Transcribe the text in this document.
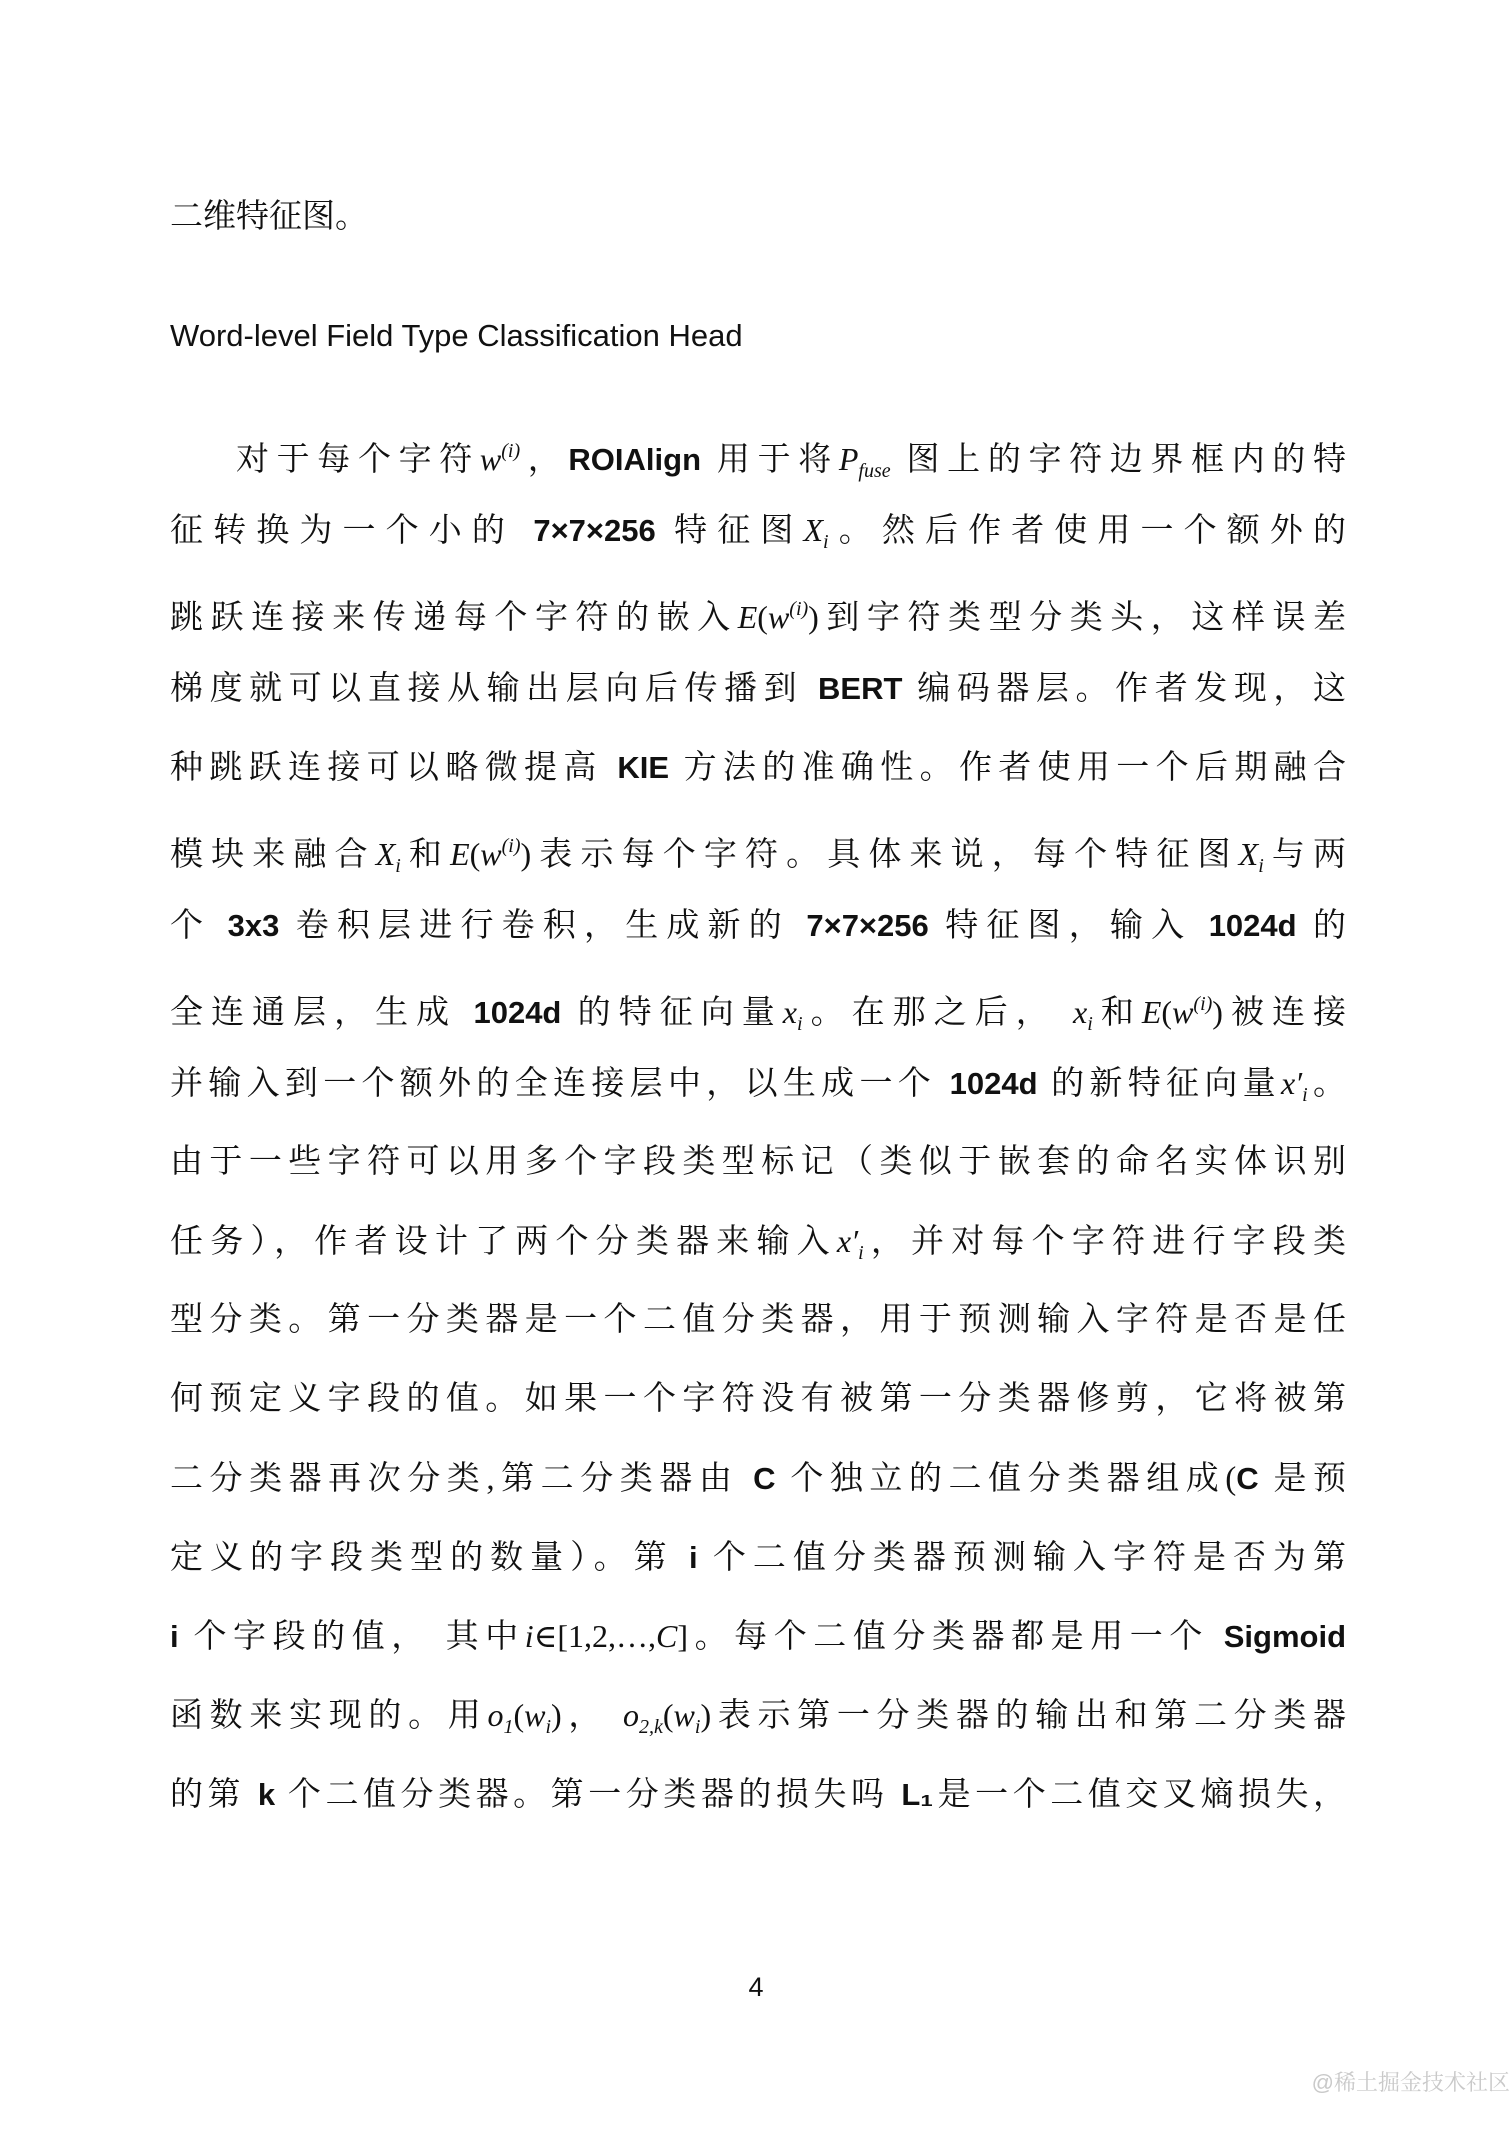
二维特征图。
Word-level Field Type Classification Head
对于每个字符$w^{(i)}$，ROIAlign 用于将$P_{fuse}$ 图上的字符边界框内的特
征转换为一个小的 7×7×256 特征图$X_i$。然后作者使用一个额外的
跳跃连接来传递每个字符的嵌入$E(w^{(i)})$到字符类型分类头，这样误差
梯度就可以直接从输出层向后传播到 BERT 编码器层。作者发现，这
种跳跃连接可以略微提高 KIE 方法的准确性。作者使用一个后期融合
模块来融合$X_i$和$E(w^{(i)})$表示每个字符。具体来说，每个特征图$X_i$与两
个 3x3 卷积层进行卷积，生成新的 7×7×256 特征图，输入 1024d 的
全连通层，生成 1024d 的特征向量$x_i$。在那之后， $x_i$和$E(w^{(i)})$被连接
并输入到一个额外的全连接层中，以生成一个 1024d 的新特征向量$x'_i$。
由于一些字符可以用多个字段类型标记（类似于嵌套的命名实体识别
任务），作者设计了两个分类器来输入$x'_i$，并对每个字符进行字段类
型分类。第一分类器是一个二值分类器，用于预测输入字符是否是任
何预定义字段的值。如果一个字符没有被第一分类器修剪，它将被第
二分类器再次分类,第二分类器由 C 个独立的二值分类器组成(C 是预
定义的字段类型的数量）。第 i 个二值分类器预测输入字符是否为第
i 个字段的值， 其中i∈[1,2,…,C]。每个二值分类器都是用一个 Sigmoid
函数来实现的。用$o_1(w_i)$， $o_{2,k}(w_i)$表示第一分类器的输出和第二分类器
的第 k 个二值分类器。第一分类器的损失吗 L₁是一个二值交叉熵损失，
4
@稀土掘金技术社区
